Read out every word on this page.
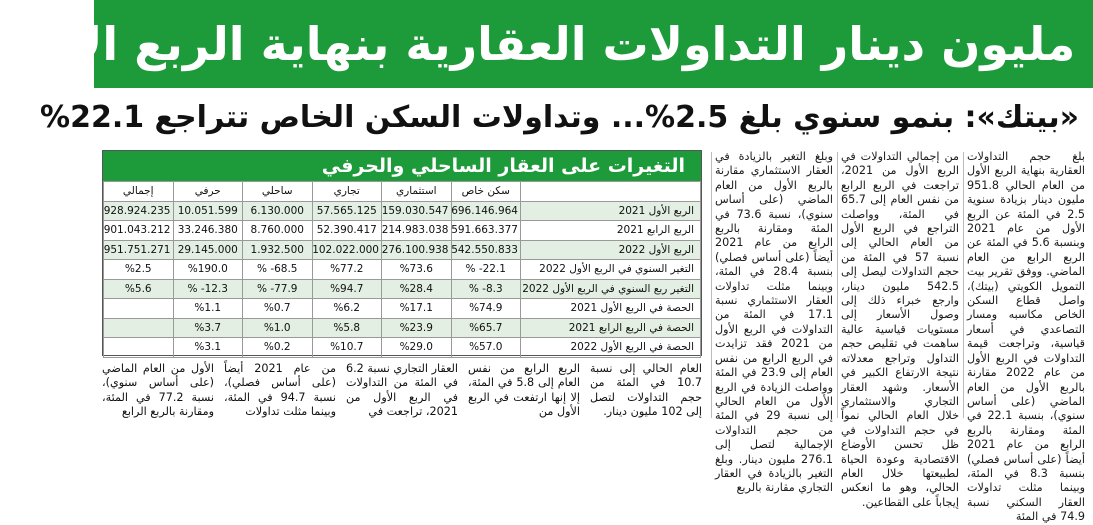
مليون دينار التداولات العقارية بنهاية الربع الأول
«بيتك»: بنمو سنوي بلغ 2.5%... وتداولات السكن الخاص تتراجع 22.1%

بلغ حجم التداولات العقارية بنهاية الربع الأول من العام الحالي 951.8 مليون دينار بزيادة سنوية 2.5 في المئة عن الربع الأول من عام 2021 وبنسبة 5.6 في المئة عن الربع الرابع من العام الماضي. ووفق تقرير بيت التمويل الكويتي (بيتك)، واصل قطاع السكن الخاص مكاسبه ومسار التصاعدي في أسعار قياسية، وتراجعت قيمة التداولات في الربع الأول من عام 2022 مقارنة بالربع الأول من العام الماضي (على أساس سنوي)، بنسبة 22.1 في المئة ومقارنة بالربع الرابع من عام 2021 أيضاً (على أساس فصلي) بنسبة 8.3 في المئة، وبينما مثلت تداولات العقار السكني نسبة 74.9 في المئة

من إجمالي التداولات في الربع الأول من 2021، تراجعت في الربع الرابع من نفس العام إلى 65.7 في المئة، وواصلت التراجع في الربع الأول من العام الحالي إلى نسبة 57 في المئة من حجم التداولات ليصل إلى 542.5 مليون دينار، وارجع خبراء ذلك إلى وصول الأسعار إلى مستويات قياسية عالية ساهمت في تقليص حجم التداول وتراجع معدلاته نتيجة الارتفاع الكبير في الأسعار. وشهد العقار التجاري والاستثماري خلال العام الحالي نمواً في حجم التداولات في ظل تحسن الأوضاع الاقتصادية وعودة الحياة لطبيعتها خلال العام الحالي، وهو ما انعكس إيجاباً على القطاعين.

وبلغ التغير بالزيادة في العقار الاستثماري مقارنة بالربع الأول من العام الماضي (على أساس سنوي)، نسبة 73.6 في المئة ومقارنة بالربع الرابع من عام 2021 أيضاً (على أساس فصلي) بنسبة 28.4 في المئة، وبينما مثلت تداولات العقار الاستثماري نسبة 17.1 في المئة من التداولات في الربع الأول من 2021 فقد تزايدت في الربع الرابع من نفس العام إلى 23.9 في المئة وواصلت الزيادة في الربع الأول من العام الحالي إلى نسبة 29 في المئة من حجم التداولات الإجمالية لتصل إلى 276.1 مليون دينار. وبلغ التغير بالزيادة في العقار التجاري مقارنة بالربع

التغيرات على العقار الساحلي والحرفي
	سكن خاص	استثماري	تجاري	ساحلي	حرفي	إجمالي
الربع الأول 2021	696.146.964	159.030.547	57.565.125	6.130.000	10.051.599	928.924.235
الربع الرابع 2021	591.663.377	214.983.038	52.390.417	8.760.000	33.246.380	901.043.212
الربع الأول 2022	542.550.833	276.100.938	102.022.000	1.932.500	29.145.000	951.751.271
التغير السنوي في الربع الأول 2022	22.1- %	%73.6	%77.2	68.5- %	%190.0	%2.5
التغير ربع السنوي في الربع الأول 2022	8.3- %	%28.4	%94.7	77.9- %	12.3- %	%5.6
الحصة في الربع الأول 2021	%74.9	%17.1	%6.2	%0.7	%1.1	
الحصة في الربع الرابع 2021	%65.7	%23.9	%5.8	%1.0	%3.7	
الحصة في الربع الأول 2022	%57.0	%29.0	%10.7	%0.2	%3.1	
العام الحالي إلى نسبة 10.7 في المئة من حجم التداولات لتصل إلى 102 مليون دينار.
الربع الرابع من نفس العام إلى 5.8 في المئة، إلا إنها ارتفعت في الربع الأول من
العقار التجاري نسبة 6.2 في المئة من التداولات في الربع الأول من 2021، تراجعت في
من عام 2021 أيضاً (على أساس فصلي)، نسبة 94.7 في المئة، وبينما مثلت تداولات
الأول من العام الماضي (على أساس سنوي)، نسبة 77.2 في المئة، ومقارنة بالربع الرابع
